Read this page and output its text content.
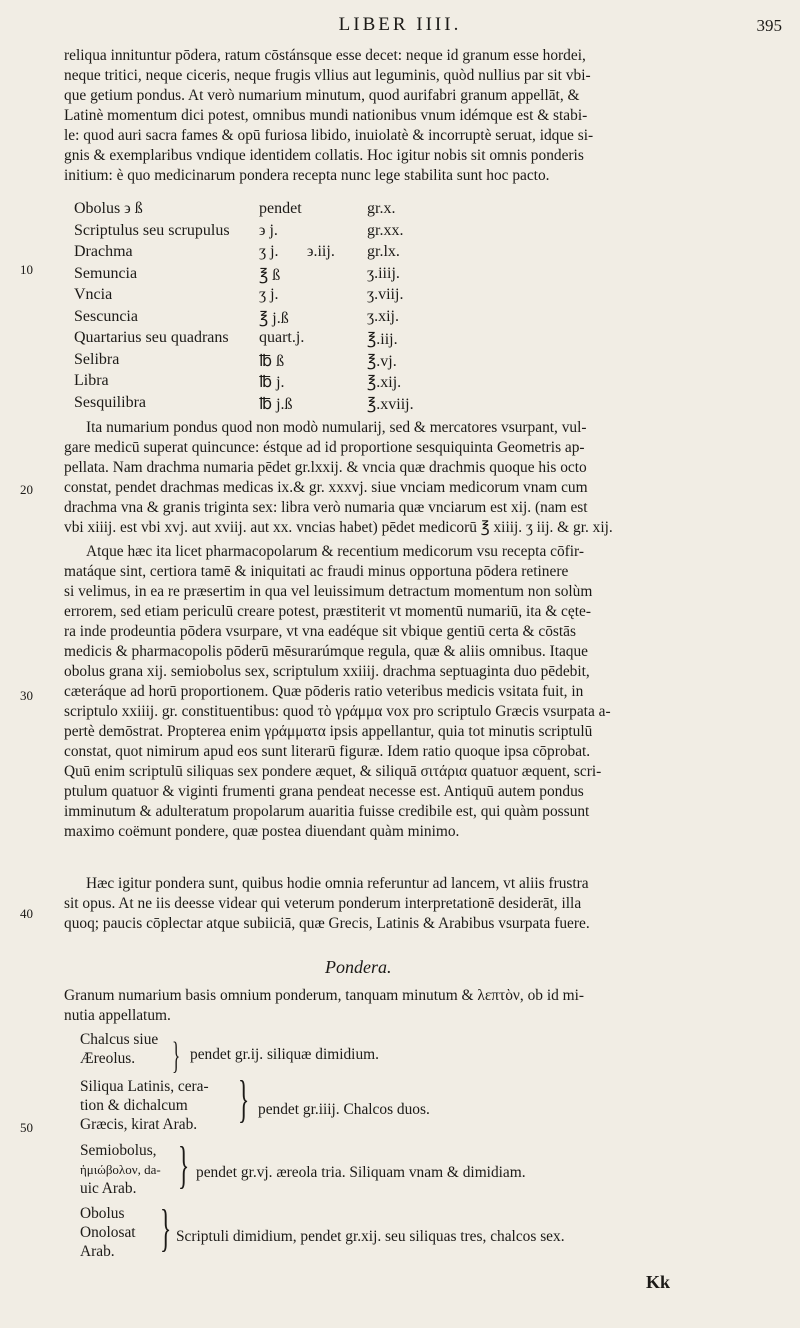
LIBER IIII.	395
reliqua innituntur pōdera, ratum cōstánsque esse decet: neque id granum esse hordei,
neque tritici, neque ciceris, neque frugis vllius aut leguminis, quòd nullius par sit vbi-
que getium pondus. At verò numarium minutum, quod aurifabri granum appellāt, &
Latinè momentum dici potest, omnibus mundi nationibus vnum idémque est & stabi-
le: quod auri sacra fames & opū furiosa libido, inuiolatè & incorruptè seruat, idque si-
gnis & exemplaribus vndique identidem collatis. Hoc igitur nobis sit omnis ponderis
initium: è quo medicinarum pondera recepta nunc lege stabilita sunt hoc pacto.
Obolus ϶ ß	pendet	gr.x.
Scriptulus seu scrupulus ϶ j.	gr.xx.
Drachma	ʒ j. ϶.iij. gr.lx.
Semuncia	℥ ß	ʒ.iiij.
Vncia	ʒ j.	ʒ.viij.
Sescuncia	℥ j.ß	ʒ.xij.
Quartarius seu quadrans quart.j.	℥.iij.
Selibra	℔ ß	℥.vj.
Libra	℔ j.	℥.xij.
Sesquilibra	℔ j.ß	℥.xviij.
Ita numarium pondus quod non modò numularij, sed & mercatores vsurpant, vul-
gare medicū superat quincunce: éstque ad id proportione sesquiquinta Geometris ap-
pellata. Nam drachma numaria pēdet gr.lxxij. & vncia quæ drachmis quoque his octo
constat, pendet drachmas medicas ix.& gr. xxxvj. siue vnciam medicorum vnam cum
drachma vna & granis triginta sex: libra verò numaria quæ vnciarum est xij. (nam est
vbi xiiij. est vbi xvj. aut xviij. aut xx. vncias habet) pēdet medicorū ℥ xiiij. ʒ iij. & gr. xij.
Atque hæc ita licet pharmacopolarum & recentium medicorum vsu recepta cōfir-
matáque sint, certiora tamē & iniquitati ac fraudi minus opportuna pōdera retinere
si velimus, in ea re præsertim in qua vel leuissimum detractum momentum non solùm
errorem, sed etiam periculū creare potest, præstiterit vt momentū numariū, ita & cęte-
ra inde prodeuntia pōdera vsurpare, vt vna eadéque sit vbique gentiū certa & cōstās
medicis & pharmacopolis pōderū mēsurarúmque regula, quæ & aliis omnibus. Itaque
obolus grana xij. semiobolus sex, scriptulum xxiiij. drachma septuaginta duo pēdebit,
cæteráque ad horū proportionem. Quæ pōderis ratio veteribus medicis vsitata fuit, in
scriptulo xxiiij. gr. constituentibus: quod τὸ γράμμα vox pro scriptulo Græcis vsurpata a-
pertè demōstrat. Propterea enim γράμματα ipsis appellantur, quia tot minutis scriptulū
constat, quot nimirum apud eos sunt literarū figuræ. Idem ratio quoque ipsa cōprobat.
Quū enim scriptulū siliquas sex pondere æquet, & siliquā σιτάρια quatuor æquent, scri-
ptulum quatuor & viginti frumenti grana pendeat necesse est. Antiquū autem pondus
imminutum & adulteratum propolarum auaritia fuisse credibile est, qui quàm possunt
maximo coëmunt pondere, quæ postea diuendant quàm minimo.
Hæc igitur pondera sunt, quibus hodie omnia referuntur ad lancem, vt aliis frustra
sit opus. At ne iis deesse videar qui veterum ponderum interpretationē desiderāt, illa
quoq; paucis cōplectar atque subiiciā, quæ Grecis, Latinis & Arabibus vsurpata fuere.
Pondera.
Granum numarium basis omnium ponderum, tanquam minutum & λεπτὸν, ob id mi-
nutia appellatum.
Chalcus siue
Æreolus. } pendet gr.ij. siliquæ dimidium.
Siliqua Latinis, cera-
tion & dichalcum
Græcis, kirat Arab. } pendet gr.iiij. Chalcos duos.
Semiobolus,
ἡμιώβολον, da-
uic Arab. } pendet gr.vj. æreola tria. Siliquam vnam & dimidiam.
Obolus
Onolosat
Arab. } Scriptuli dimidium, pendet gr.xij. seu siliquas tres, chalcos sex.
10
20
30
40
50
Kk
